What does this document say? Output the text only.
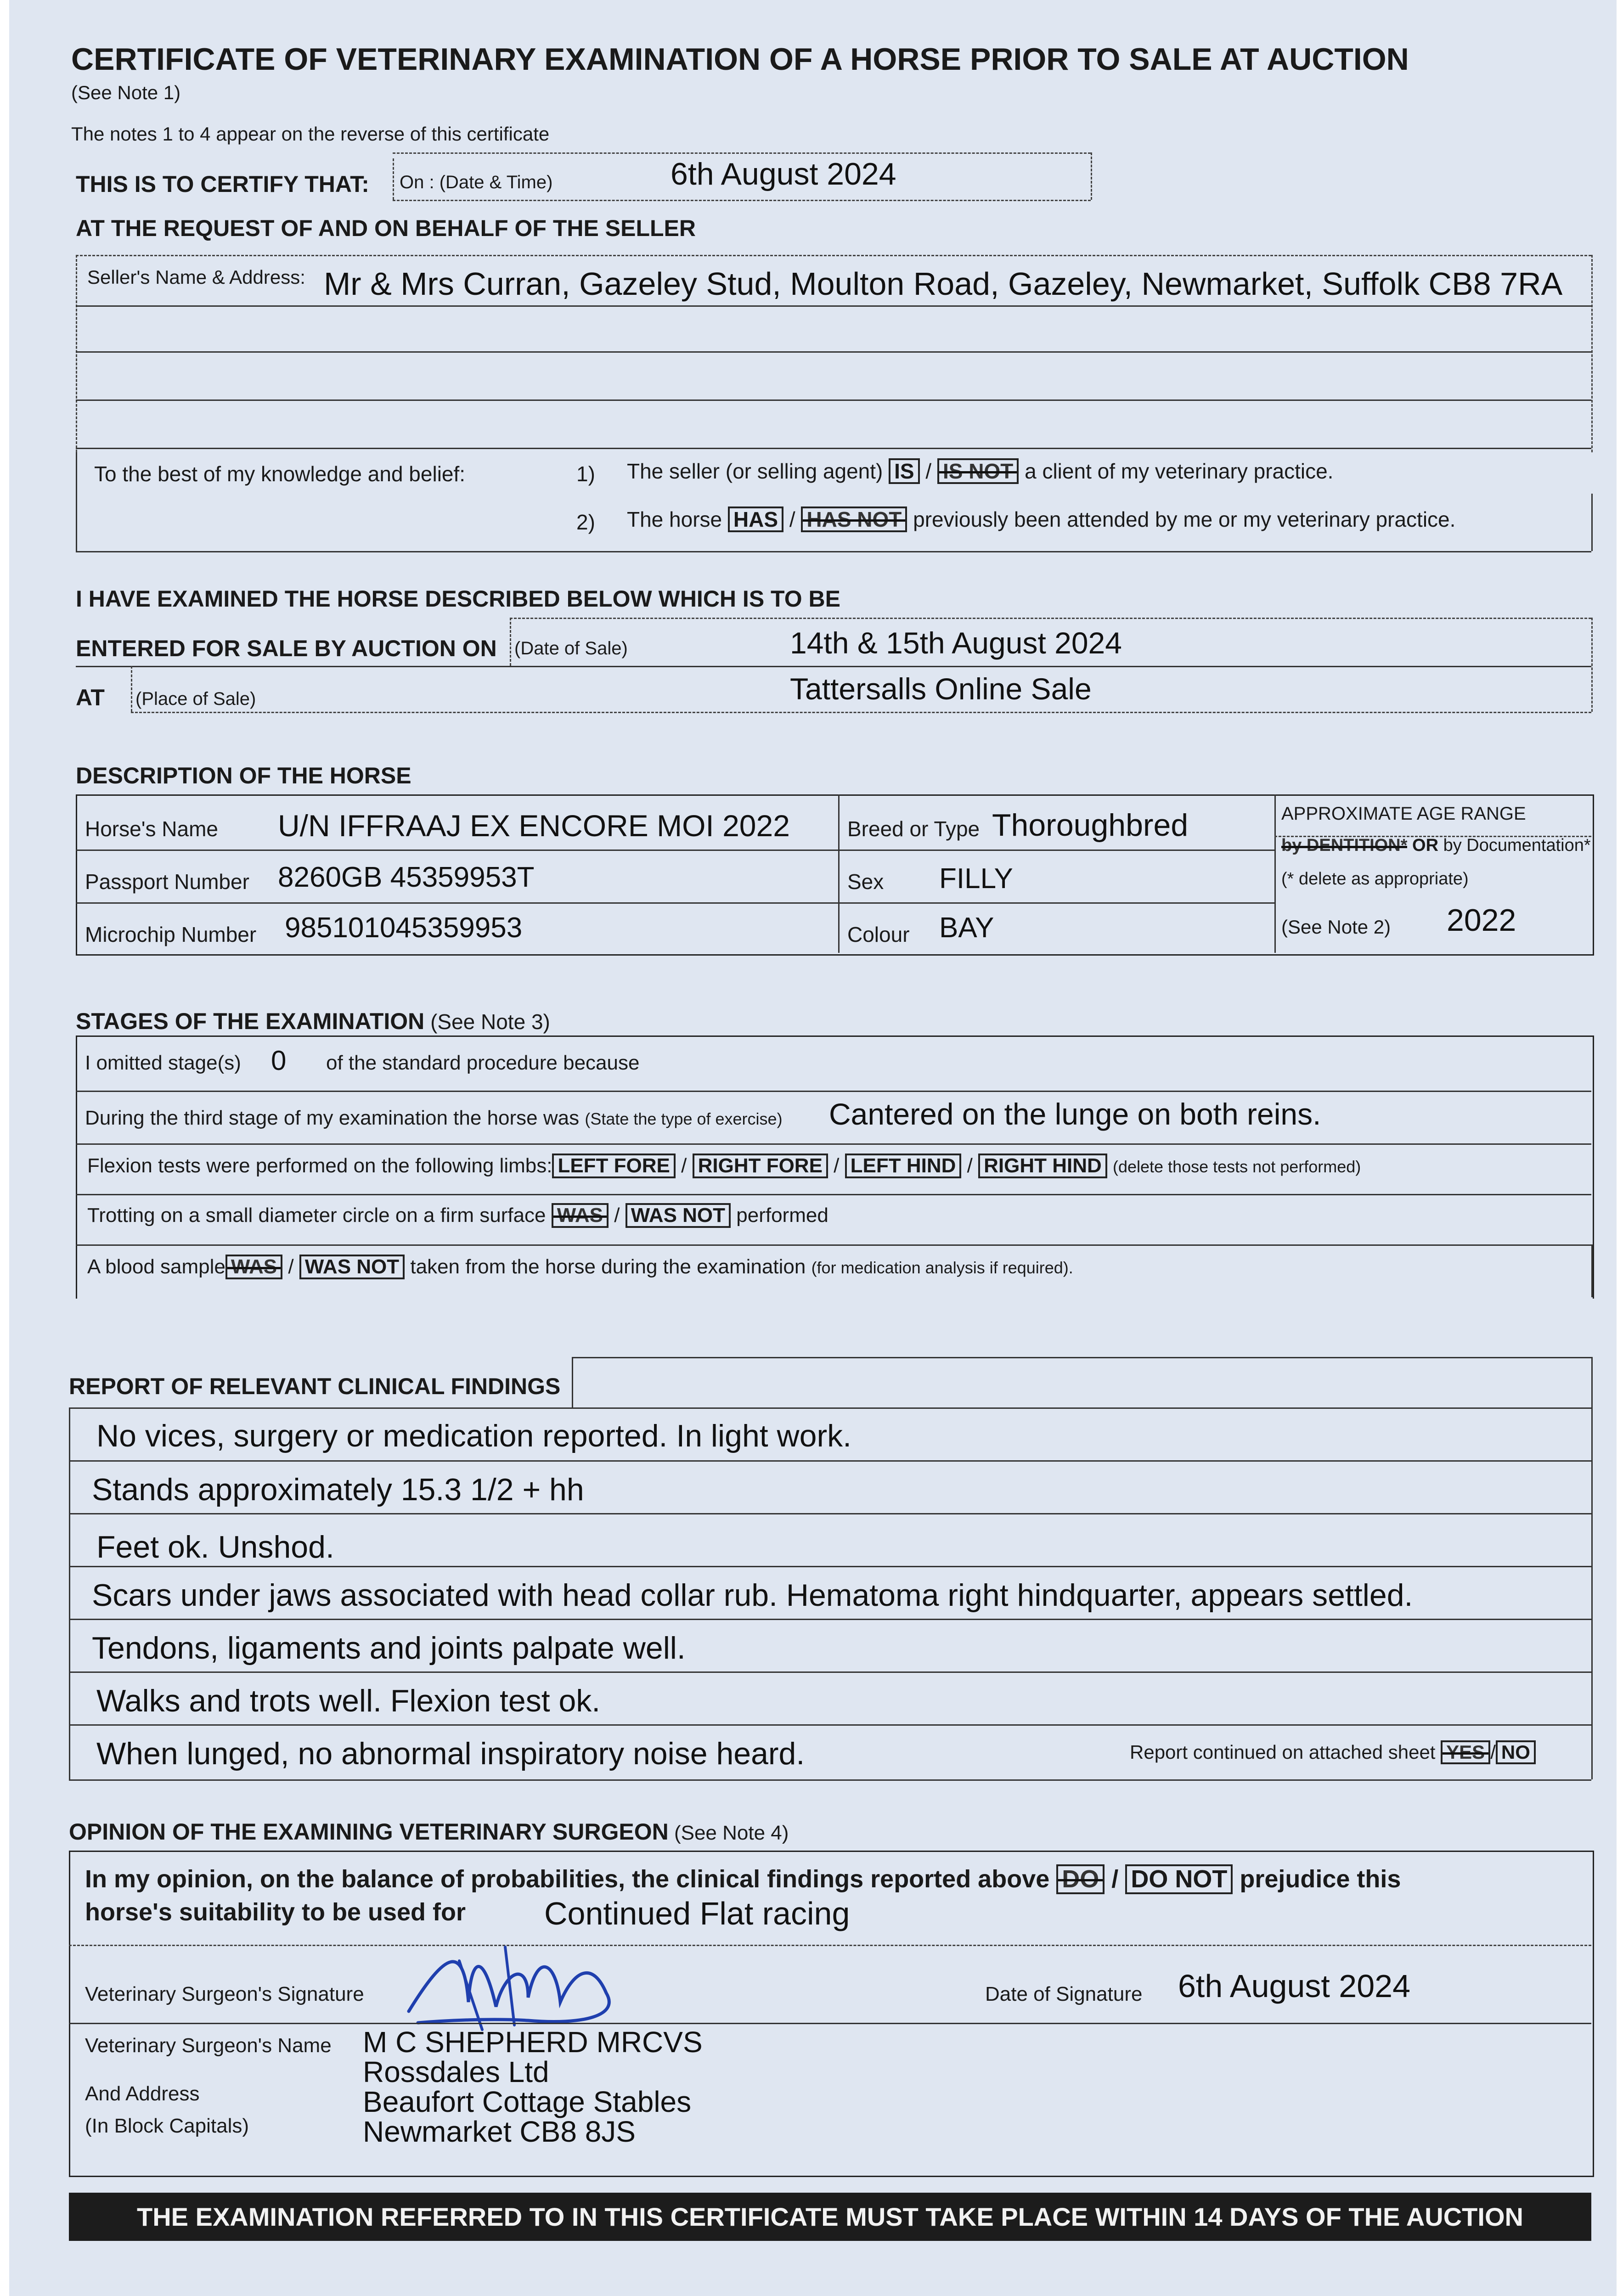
CERTIFICATE OF VETERINARY EXAMINATION OF A HORSE PRIOR TO SALE AT AUCTION
(See Note 1)
The notes 1 to 4 appear on the reverse of this certificate
THIS IS TO CERTIFY THAT: On : (Date & Time)	6th August 2024
AT THE REQUEST OF AND ON BEHALF OF THE SELLER
Seller's Name & Address: Mr & Mrs Curran, Gazeley Stud, Moulton Road, Gazeley, Newmarket, Suffolk CB8 7RA
To the best of my knowledge and belief:	1) The seller (or selling agent) IS / IS NOT a client of my veterinary practice.
2) The horse HAS / HAS NOT previously been attended by me or my veterinary practice.
I HAVE EXAMINED THE HORSE DESCRIBED BELOW WHICH IS TO BE
ENTERED FOR SALE BY AUCTION ON (Date of Sale)	14th & 15th August 2024
AT (Place of Sale)	Tattersalls Online Sale
DESCRIPTION OF THE HORSE
Horse's Name U/N IFFRAAJ EX ENCORE MOI 2022
Passport Number 8260GB 45359953T
Microchip Number 985101045359953
Breed or Type Thoroughbred
Sex FILLY
Colour BAY
APPROXIMATE AGE RANGE
by DENTITION* OR by Documentation*
(* delete as appropriate)
(See Note 2) 2022
STAGES OF THE EXAMINATION (See Note 3)
I omitted stage(s) 0 of the standard procedure because
During the third stage of my examination the horse was (State the type of exercise) Cantered on the lunge on both reins.
Flexion tests were performed on the following limbs: LEFT FORE / RIGHT FORE / LEFT HIND / RIGHT HIND (delete those tests not performed)
Trotting on a small diameter circle on a firm surface WAS / WAS NOT performed
A blood sample WAS / WAS NOT taken from the horse during the examination (for medication analysis if required).
REPORT OF RELEVANT CLINICAL FINDINGS
No vices, surgery or medication reported. In light work.
Stands approximately 15.3 1/2 + hh
Feet ok. Unshod.
Scars under jaws associated with head collar rub. Hematoma right hindquarter, appears settled.
Tendons, ligaments and joints palpate well.
Walks and trots well. Flexion test ok.
When lunged, no abnormal inspiratory noise heard.	Report continued on attached sheet YES / NO
OPINION OF THE EXAMINING VETERINARY SURGEON (See Note 4)
In my opinion, on the balance of probabilities, the clinical findings reported above DO / DO NOT prejudice this
horse's suitability to be used for Continued Flat racing
Veterinary Surgeon's Signature	Date of Signature 6th August 2024
Veterinary Surgeon's Name
And Address
(In Block Capitals)
M C SHEPHERD MRCVS
Rossdales Ltd
Beaufort Cottage Stables
Newmarket CB8 8JS
THE EXAMINATION REFERRED TO IN THIS CERTIFICATE MUST TAKE PLACE WITHIN 14 DAYS OF THE AUCTION
